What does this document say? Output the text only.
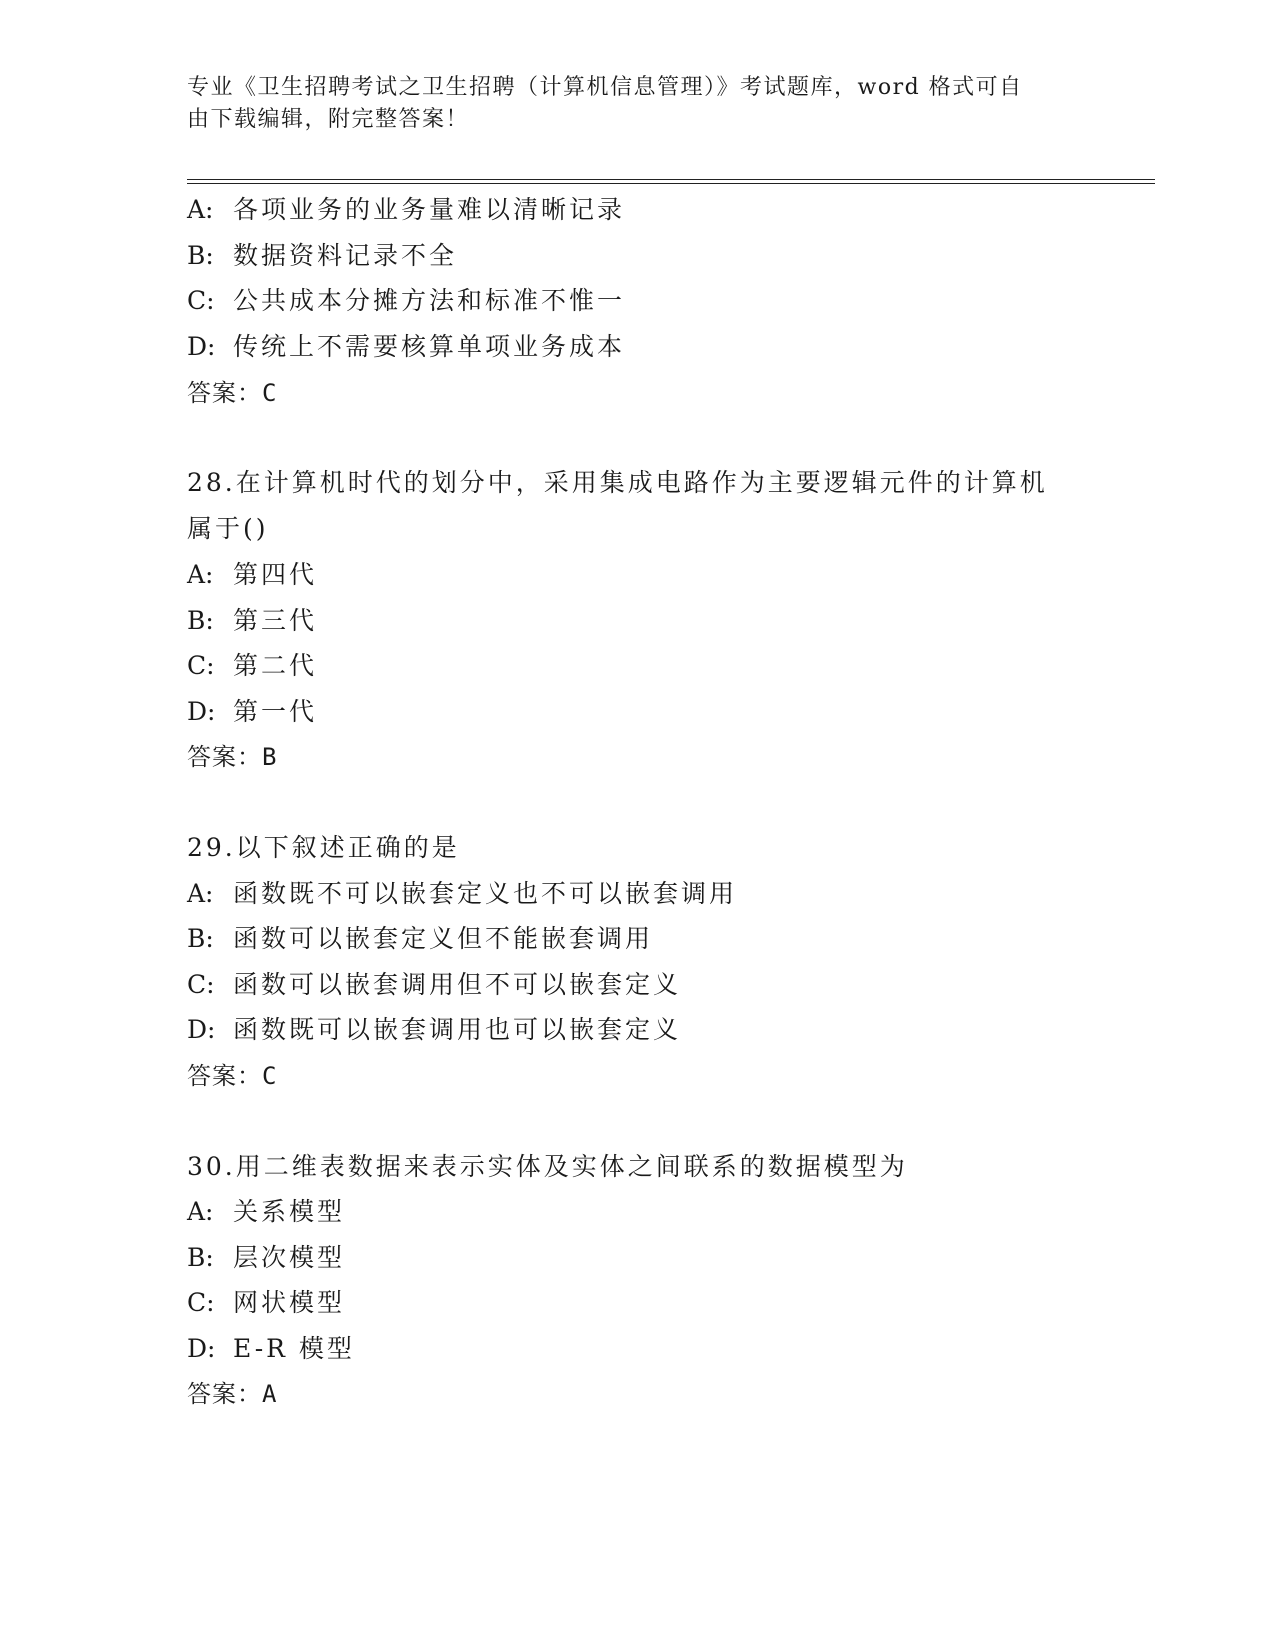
专业《卫生招聘考试之卫生招聘（计算机信息管理）》考试题库，word 格式可自
由下载编辑，附完整答案！
A: 各项业务的业务量难以清晰记录
B: 数据资料记录不全
C: 公共成本分摊方法和标准不惟一
D: 传统上不需要核算单项业务成本
答案：C
28.在计算机时代的划分中，采用集成电路作为主要逻辑元件的计算机
属于()
A: 第四代
B: 第三代
C: 第二代
D: 第一代
答案：B
29.以下叙述正确的是
A: 函数既不可以嵌套定义也不可以嵌套调用
B: 函数可以嵌套定义但不能嵌套调用
C: 函数可以嵌套调用但不可以嵌套定义
D: 函数既可以嵌套调用也可以嵌套定义
答案：C
30.用二维表数据来表示实体及实体之间联系的数据模型为
A: 关系模型
B: 层次模型
C: 网状模型
D: E-R 模型
答案：A
